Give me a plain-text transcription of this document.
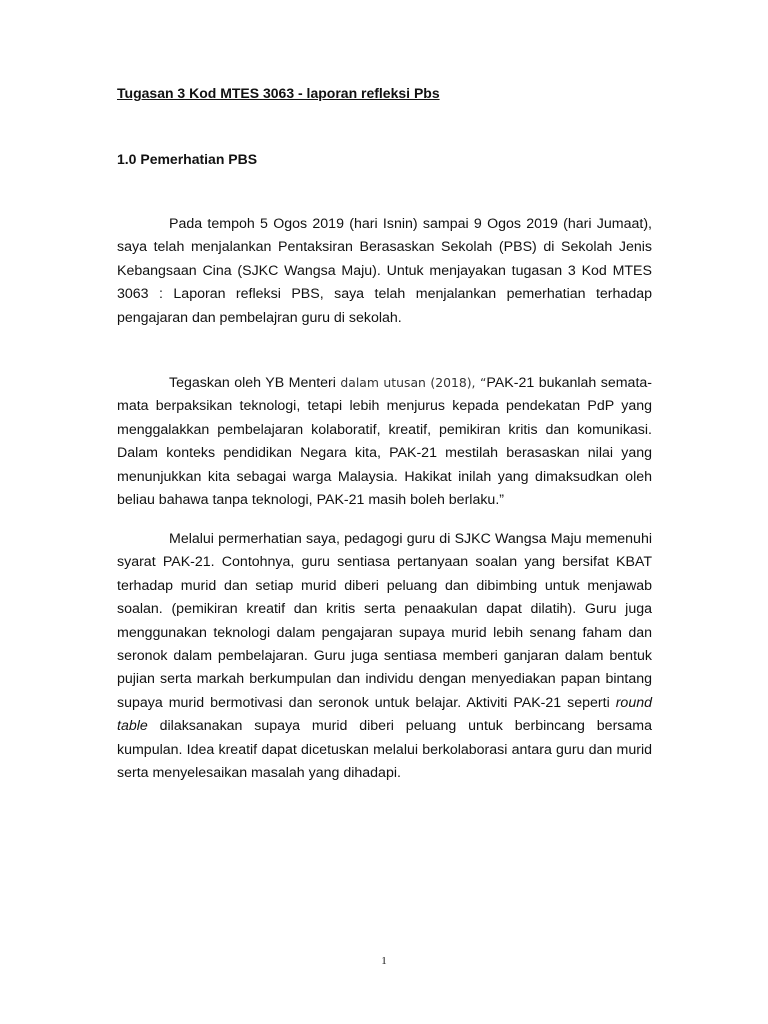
Tugasan 3 Kod MTES 3063 - laporan refleksi Pbs
1.0 Pemerhatian PBS

Pada tempoh 5 Ogos 2019 (hari Isnin) sampai 9 Ogos 2019 (hari Jumaat), saya telah menjalankan Pentaksiran Berasaskan Sekolah (PBS) di Sekolah Jenis Kebangsaan Cina (SJKC Wangsa Maju). Untuk menjayakan tugasan 3 Kod MTES 3063 : Laporan refleksi PBS, saya telah menjalankan pemerhatian terhadap pengajaran dan pembelajran guru di sekolah.

Tegaskan oleh YB Menteri dalam utusan (2018), “PAK-21 bukanlah semata-mata berpaksikan teknologi, tetapi lebih menjurus kepada pendekatan PdP yang menggalakkan pembelajaran kolaboratif, kreatif, pemikiran kritis dan komunikasi. Dalam konteks pendidikan Negara kita, PAK-21 mestilah berasaskan nilai yang menunjukkan kita sebagai warga Malaysia. Hakikat inilah yang dimaksudkan oleh beliau bahawa tanpa teknologi, PAK-21 masih boleh berlaku.”

Melalui permerhatian saya, pedagogi guru di SJKC Wangsa Maju memenuhi syarat PAK-21. Contohnya, guru sentiasa pertanyaan soalan yang bersifat KBAT terhadap murid dan setiap murid diberi peluang dan dibimbing untuk menjawab soalan. (pemikiran kreatif dan kritis serta penaakulan dapat dilatih). Guru juga menggunakan teknologi dalam pengajaran supaya murid lebih senang faham dan seronok dalam pembelajaran. Guru juga sentiasa memberi ganjaran dalam bentuk pujian serta markah berkumpulan dan individu dengan menyediakan papan bintang supaya murid bermotivasi dan seronok untuk belajar. Aktiviti PAK-21 seperti round table dilaksanakan supaya murid diberi peluang untuk berbincang bersama kumpulan. Idea kreatif dapat dicetuskan melalui berkolaborasi antara guru dan murid serta menyelesaikan masalah yang dihadapi.

1
